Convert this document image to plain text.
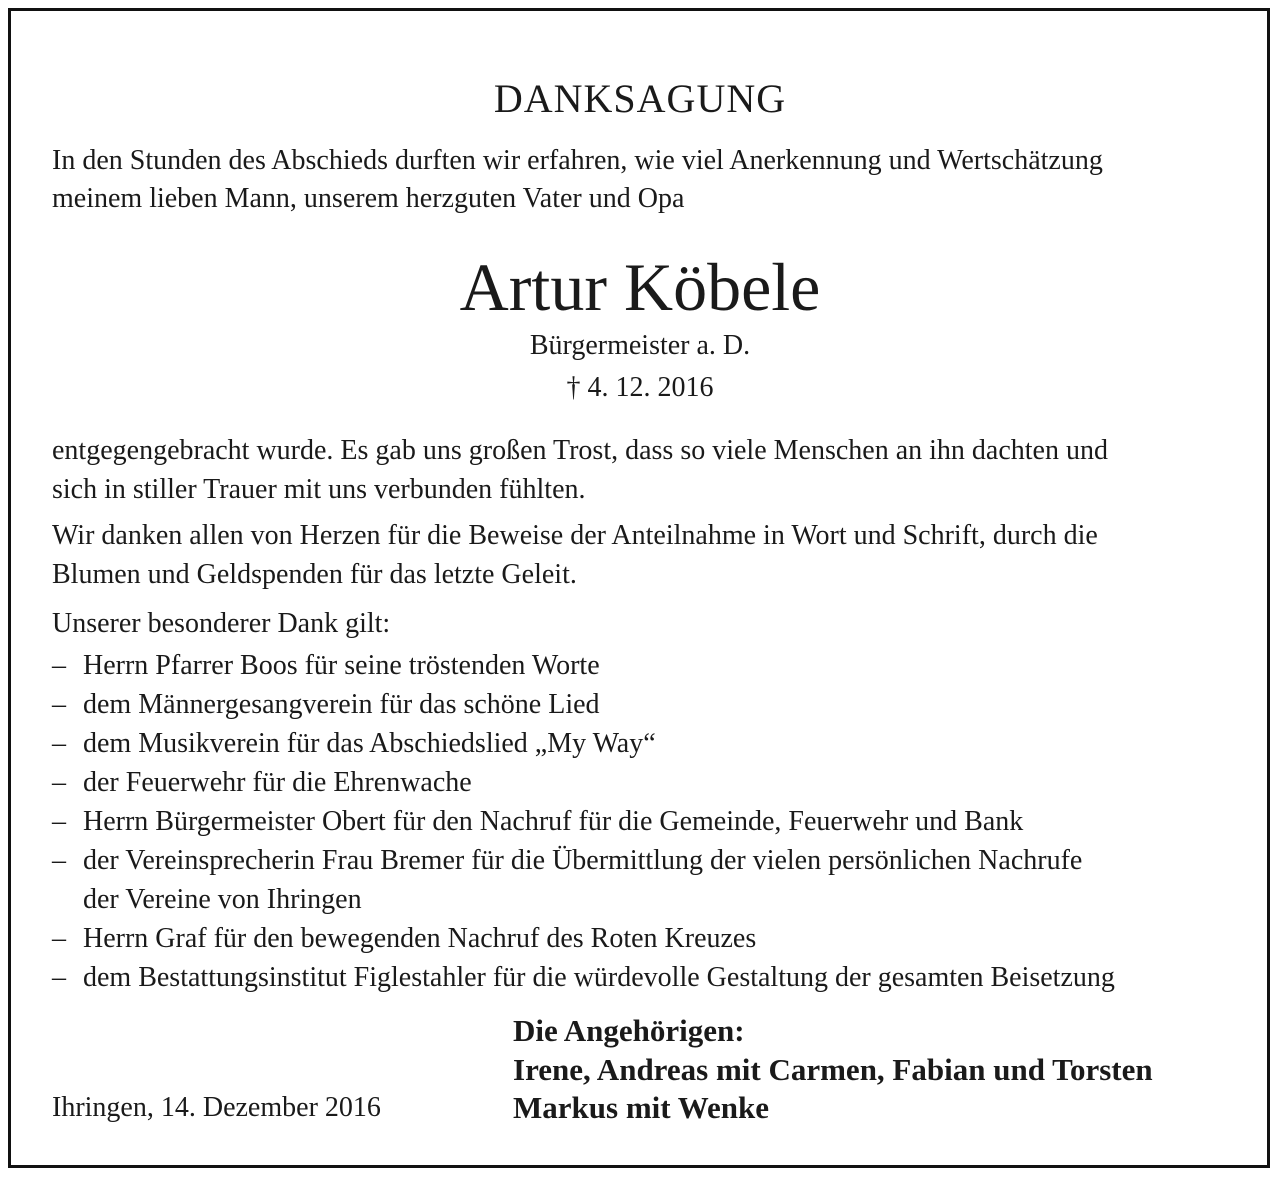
DANKSAGUNG
In den Stunden des Abschieds durften wir erfahren, wie viel Anerkennung und Wertschätzung
meinem lieben Mann, unserem herzguten Vater und Opa
Artur Köbele
Bürgermeister a. D.
† 4. 12. 2016
entgegengebracht wurde. Es gab uns großen Trost, dass so viele Menschen an ihn dachten und
sich in stiller Trauer mit uns verbunden fühlten.
Wir danken allen von Herzen für die Beweise der Anteilnahme in Wort und Schrift, durch die
Blumen und Geldspenden für das letzte Geleit.
Unserer besonderer Dank gilt:
– Herrn Pfarrer Boos für seine tröstenden Worte
– dem Männergesangverein für das schöne Lied
– dem Musikverein für das Abschiedslied „My Way“
– der Feuerwehr für die Ehrenwache
– Herrn Bürgermeister Obert für den Nachruf für die Gemeinde, Feuerwehr und Bank
– der Vereinsprecherin Frau Bremer für die Übermittlung der vielen persönlichen Nachrufe
der Vereine von Ihringen
– Herrn Graf für den bewegenden Nachruf des Roten Kreuzes
– dem Bestattungsinstitut Figlestahler für die würdevolle Gestaltung der gesamten Beisetzung
Die Angehörigen:
Irene, Andreas mit Carmen, Fabian und Torsten
Markus mit Wenke
Ihringen, 14. Dezember 2016
